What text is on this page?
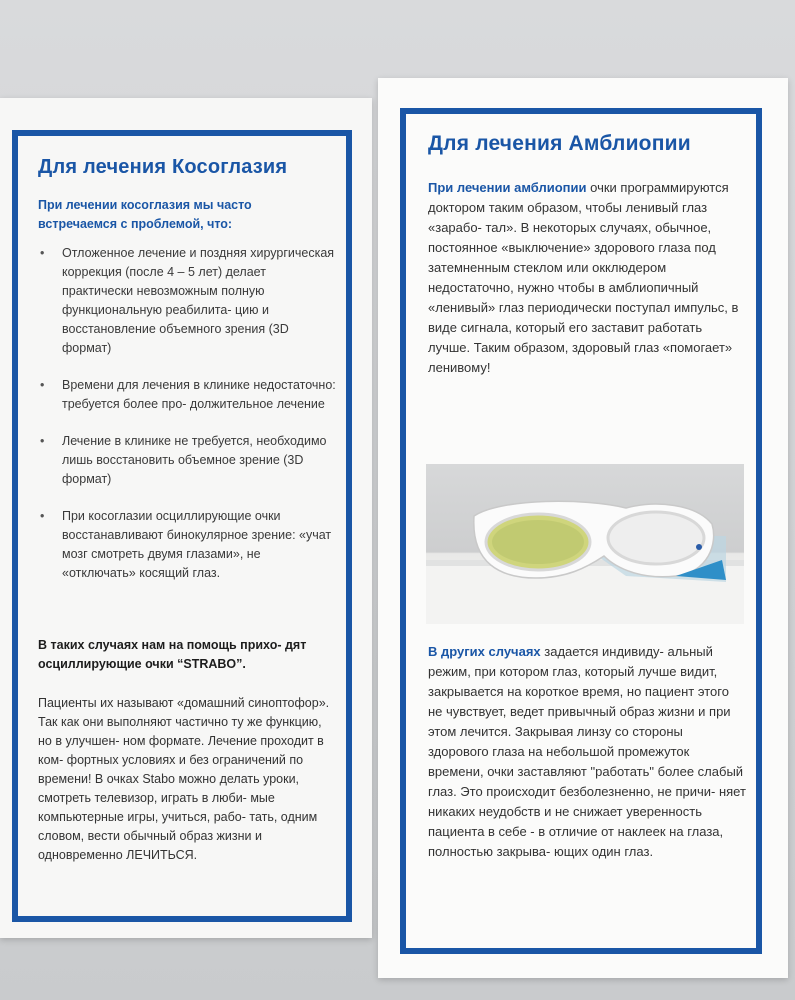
Для лечения Косоглазия
При лечении косоглазия мы часто встречаемся с проблемой, что:
• Отложенное лечение и поздняя хирургическая коррекция (после 4 – 5 лет) делает практически невозможным полную функциональную реабилита- цию и восстановление объемного зрения (3D формат)
• Времени для лечения в клинике недостаточно: требуется более про- должительное лечение
• Лечение в клинике не требуется, необходимо лишь восстановить объемное зрение (3D формат)
• При косоглазии осциллирующие очки восстанавливают бинокулярное зрение: «учат мозг смотреть двумя глазами», не «отключать» косящий глаз.
В таких случаях нам на помощь прихо- дят осциллирующие очки “STRABO”.
Пациенты их называют «домашний синоптофор». Так как они выполняют частично ту же функцию, но в улучшен- ном формате. Лечение проходит в ком- фортных условиях и без ограничений по времени! В очках Stabo можно делать уроки, смотреть телевизор, играть в люби- мые компьютерные игры, учиться, рабо- тать, одним словом, вести обычный образ жизни и одновременно ЛЕЧИТЬСЯ.
Для лечения Амблиопии
При лечении амблиопии очки программируются доктором таким образом, чтобы ленивый глаз «зарабо- тал». В некоторых случаях, обычное, постоянное «выключение» здорового глаза под затемненным стеклом или окклюдером недостаточно, нужно чтобы в амблиопичный «ленивый» глаз периодически поступал импульс, в виде сигнала, который его заставит работать лучше. Таким образом, здоровый глаз «помогает» ленивому!
В других случаях задается индивиду- альный режим, при котором глаз, который лучше видит, закрывается на короткое время, но пациент этого не чувствует, ведет привычный образ жизни и при этом лечится. Закрывая линзу со стороны здорового глаза на небольшой промежуток времени, очки заставляют "работать" более слабый глаз. Это происходит безболезненно, не причи- няет никаких неудобств и не снижает уверенность пациента в себе - в отличие от наклеек на глаза, полностью закрыва- ющих один глаз.
